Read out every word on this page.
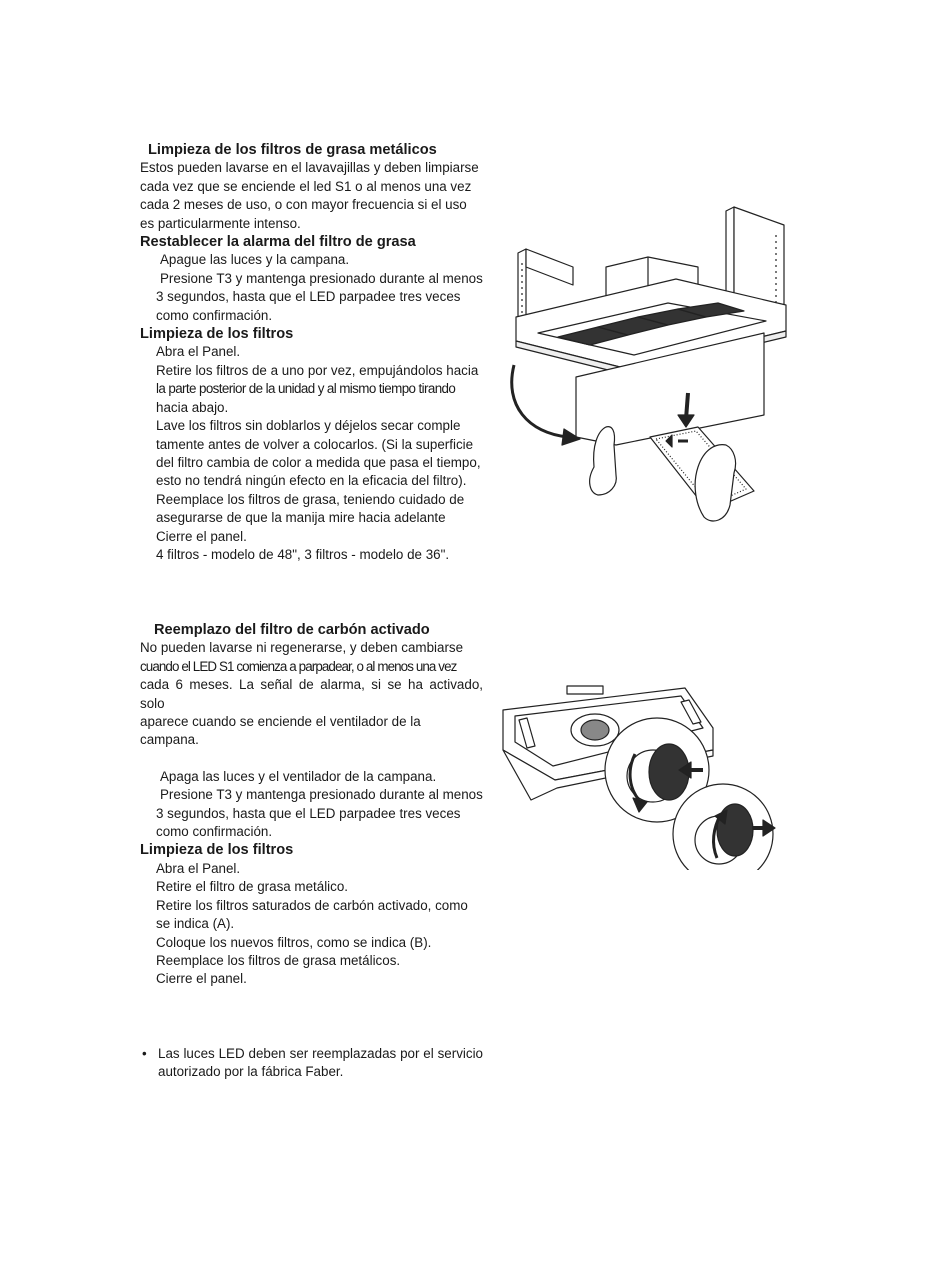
Limpieza de los filtros de grasa metálicos

Estos pueden lavarse en el lavavajillas y deben limpiarse

cada vez que se enciende el led S1 o al menos una vez

cada 2 meses de uso, o con mayor frecuencia si el uso

es particularmente intenso.

Restablecer la alarma del filtro de grasa

Apague las luces y la campana.

Presione T3 y mantenga presionado durante al menos

3 segundos, hasta que el LED parpadee tres veces

como confirmación.

Limpieza de los filtros

Abra el Panel.

Retire los filtros de a uno por vez, empujándolos hacia

la parte posterior de la unidad y al mismo tiempo tirando

hacia abajo.

Lave los filtros sin doblarlos y déjelos secar comple

tamente antes de volver a colocarlos. (Si la superficie

del filtro cambia de color a medida que pasa el tiempo,

esto no tendrá ningún efecto en la eficacia del filtro).

Reemplace los filtros de grasa, teniendo cuidado de

asegurarse de que la manija mire hacia adelante

Cierre el panel.

4 filtros - modelo de 48", 3 filtros - modelo de 36".

Reemplazo del filtro de carbón activado

No pueden lavarse ni regenerarse, y deben cambiarse

cuando el LED S1 comienza a parpadear, o al menos una vez

cada 6 meses. La señal de alarma, si se ha activado, solo

aparece cuando se enciende el ventilador de la campana.

Apaga las luces y el ventilador de la campana.

Presione T3 y mantenga presionado durante al menos

3 segundos, hasta que el LED parpadee tres veces

como confirmación.

Limpieza de los filtros

Abra el Panel.

Retire el filtro de grasa metálico.

Retire los filtros saturados de carbón activado, como

se indica (A).

Coloque los nuevos filtros, como se indica (B).

Reemplace los filtros de grasa metálicos.

Cierre el panel.

• Las luces LED deben ser reemplazadas por el servicio autorizado por la fábrica Faber.
